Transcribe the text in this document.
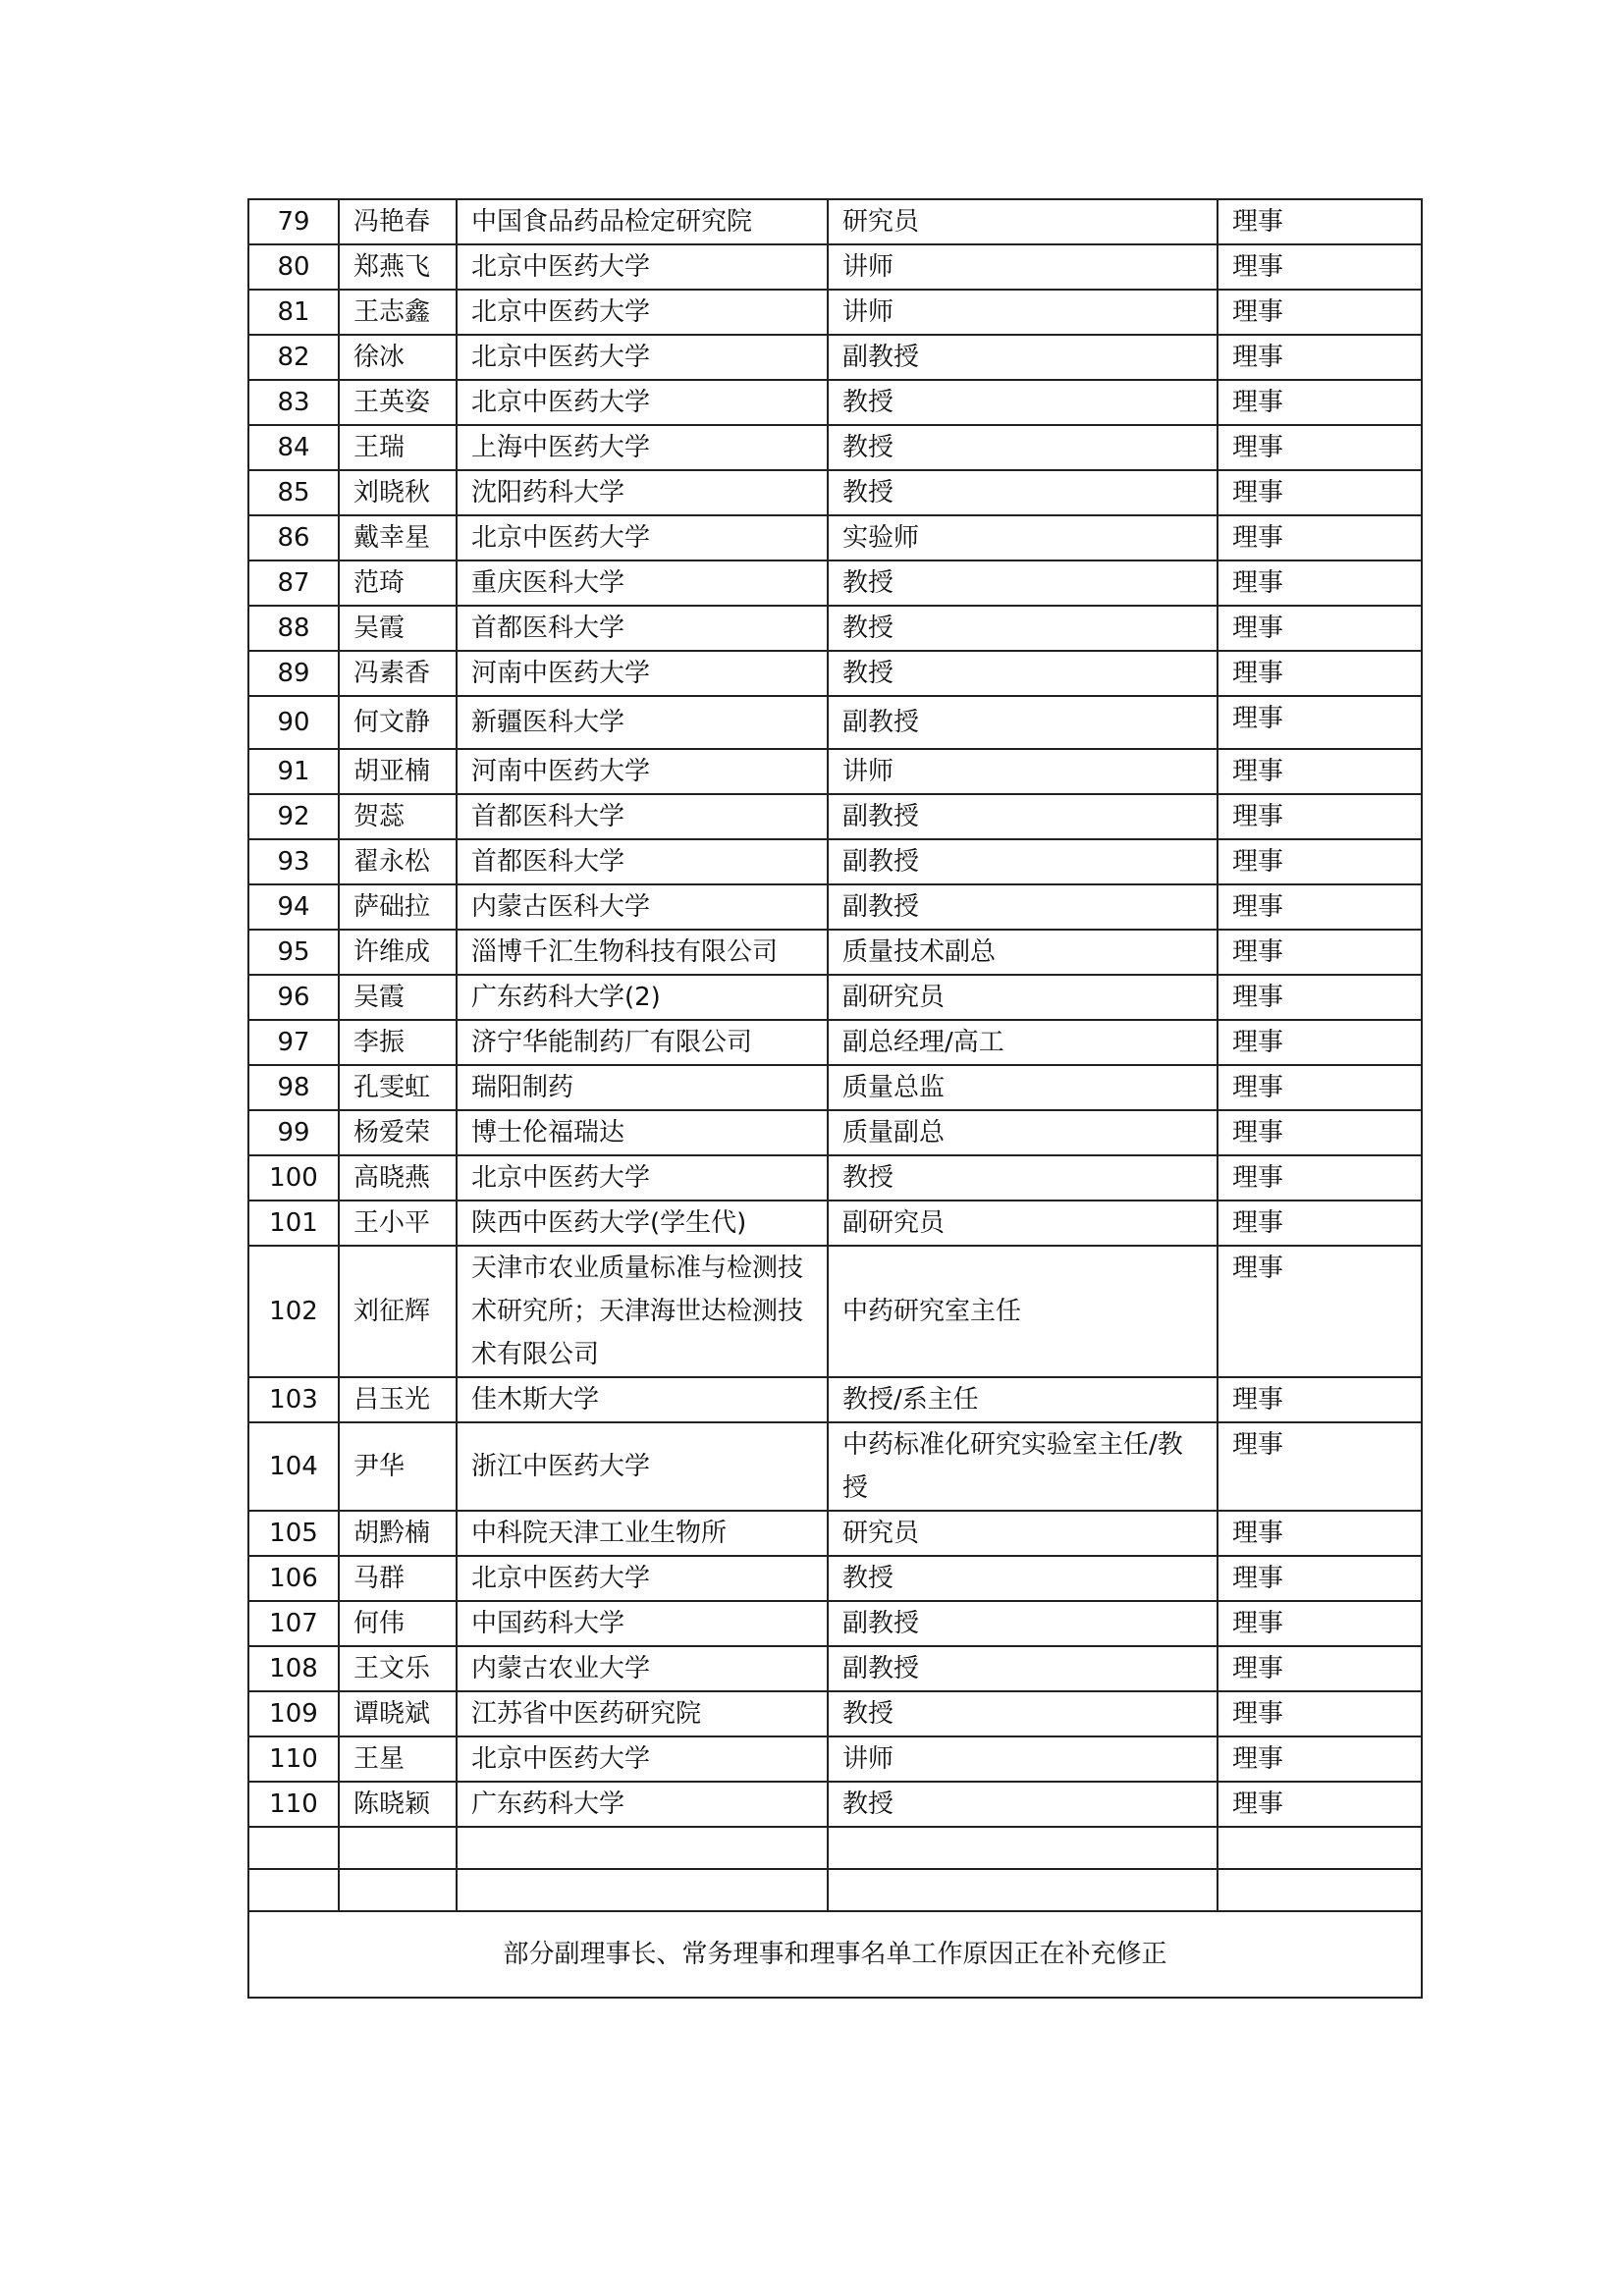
79	冯艳春	中国食品药品检定研究院	研究员	理事
80	郑燕飞	北京中医药大学	讲师	理事
81	王志鑫	北京中医药大学	讲师	理事
82	徐冰	北京中医药大学	副教授	理事
83	王英姿	北京中医药大学	教授	理事
84	王瑞	上海中医药大学	教授	理事
85	刘晓秋	沈阳药科大学	教授	理事
86	戴幸星	北京中医药大学	实验师	理事
87	范琦	重庆医科大学	教授	理事
88	吴霞	首都医科大学	教授	理事
89	冯素香	河南中医药大学	教授	理事
90	何文静	新疆医科大学	副教授	理事
91	胡亚楠	河南中医药大学	讲师	理事
92	贺蕊	首都医科大学	副教授	理事
93	翟永松	首都医科大学	副教授	理事
94	萨础拉	内蒙古医科大学	副教授	理事
95	许维成	淄博千汇生物科技有限公司	质量技术副总	理事
96	吴霞	广东药科大学(2)	副研究员	理事
97	李振	济宁华能制药厂有限公司	副总经理/高工	理事
98	孔雯虹	瑞阳制药	质量总监	理事
99	杨爱荣	博士伦福瑞达	质量副总	理事
100	高晓燕	北京中医药大学	教授	理事
101	王小平	陕西中医药大学(学生代)	副研究员	理事
102	刘征辉	天津市农业质量标准与检测技术研究所；天津海世达检测技术有限公司	中药研究室主任	理事
103	吕玉光	佳木斯大学	教授/系主任	理事
104	尹华	浙江中医药大学	中药标准化研究实验室主任/教授	理事
105	胡黔楠	中科院天津工业生物所	研究员	理事
106	马群	北京中医药大学	教授	理事
107	何伟	中国药科大学	副教授	理事
108	王文乐	内蒙古农业大学	副教授	理事
109	谭晓斌	江苏省中医药研究院	教授	理事
110	王星	北京中医药大学	讲师	理事
110	陈晓颖	广东药科大学	教授	理事

部分副理事长、常务理事和理事名单工作原因正在补充修正				
